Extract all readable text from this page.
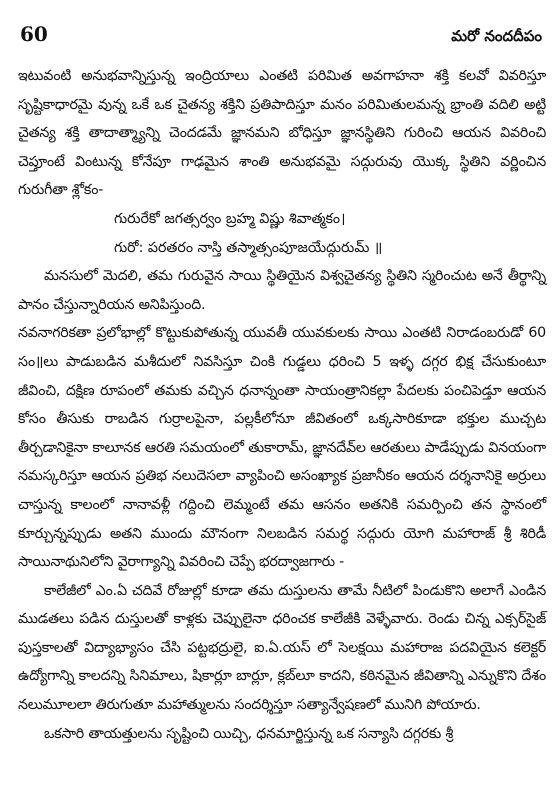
60	మరో నందదీపం

ఇటువంటి అనుభవాన్నిస్తున్న ఇంద్రియాలు ఎంతటి పరిమిత అవగాహనా శక్తి కలవో వివరిస్తూ సృష్టికాధారమై వున్న ఒకే ఒక చైతన్య శక్తిని ప్రతిపాదిస్తూ మనం పరిమితులమన్న భ్రాంతి వదిలి అట్టి చైతన్య శక్తి తాదాత్మ్యాన్ని చెందడమే జ్ఞానమని బోధిస్తూ జ్ఞానస్థితిని గురించి ఆయన వివరించి చెప్తూంటే వింటున్న కోనేపూ గాఢమైన శాంతి అనుభవమై సద్గురువు యొక్క స్థితిని వర్ణించిన గురుగీతా శ్లోకం-

గురురేకో జగత్సర్వం బ్రహ్మ విష్ణు శివాత్మకం।
గురో: పరతరం నాస్తి తస్మాత్సంపూజయేద్గురుమ్ ॥

మనసులో మెదలి, తమ గురువైన సాయి స్థితియైన విశ్వచైతన్య స్థితిని స్మరించుట అనే తీర్థాన్ని పానం చేస్తున్నారియన అనిపిస్తుంది.

నవనాగరికతా ప్రలోభాల్లో కొట్టుకుపోతున్న యువతీ యువకులకు సాయి ఎంతటి నిరాడంబరుడో 60 సం॥లు పాడుబడిన మశీదులో నివసిస్తూ చింకి గుడ్డలు ధరించి 5 ఇళ్ళ దగ్గర భిక్ష చేసుకుంటూ జీవించి, దక్షిణ రూపంలో తమకు వచ్చిన ధనాన్నంతా సాయంత్రానికల్లా పేదలకు పంచిపెడ్తూ ఆయన కోసం తీసుకు రాబడిన గుర్రాలపైనా, పల్లకీలోనూ జీవితంలో ఒక్కసారికూడా భక్తుల ముచ్చట తీర్చడానికైనా కాలూనక ఆరతి సమయంలో తుకారామ్, జ్ఞానదేవ్‌ల ఆరతులు పాడేప్పుడు వినయంగా నమస్కరిస్తూ ఆయన ప్రతిభ నలుదెసలా వ్యాపించి అసంఖ్యాక ప్రజానీకం ఆయన దర్శనానికై అర్రులు చాస్తున్న కాలంలో నానావళ్లీ గద్దించి లెమ్మంటే తమ ఆసనం అతనికి సమర్పించి తన స్థానంలో కూర్చున్నప్పుడు అతని ముందు మౌనంగా నిలబడిన సమర్థ సద్గురు యోగి మహారాజ్ శ్రీ శిరిడీ సాయినాథునిలోని వైరాగ్యాన్ని వివరించి చెప్పే భరద్వాజగారు -

కాలేజీలో ఎం.ఏ చదివే రోజుల్లో కూడా తమ దుస్తులను తామే నీటిలో పిండుకొని అలాగే ఎండిన ముడతలు పడిన దుస్తులతో కాళ్లకు చెప్పులైనా ధరించక కాలేజీకి వెళ్ళేవారు. రెండు చిన్న ఎక్సర్‌సైజ్ పుస్తకాలతో విద్యాభ్యాసం చేసి పట్టభద్రులై, ఐ.ఏ.యస్ లో సెలక్షయి మహారాజ పదవియైన కలెక్టర్ ఉద్యోగాన్ని కాలదన్ని సినిమాలు, షికార్లూ బార్లూ, క్లబ్‌లూ కాదని, కఠినమైన జీవితాన్ని ఎన్నుకొని దేశం నలుమూలలా తిరుగుతూ మహాత్ములను సందర్శిస్తూ సత్యాన్వేషణలో మునిగి పోయారు.

ఒకసారి తాయత్తులను సృష్టించి యిచ్చి, ధనమార్జిస్తున్న ఒక సన్యాసి దగ్గరకు శ్రీ
